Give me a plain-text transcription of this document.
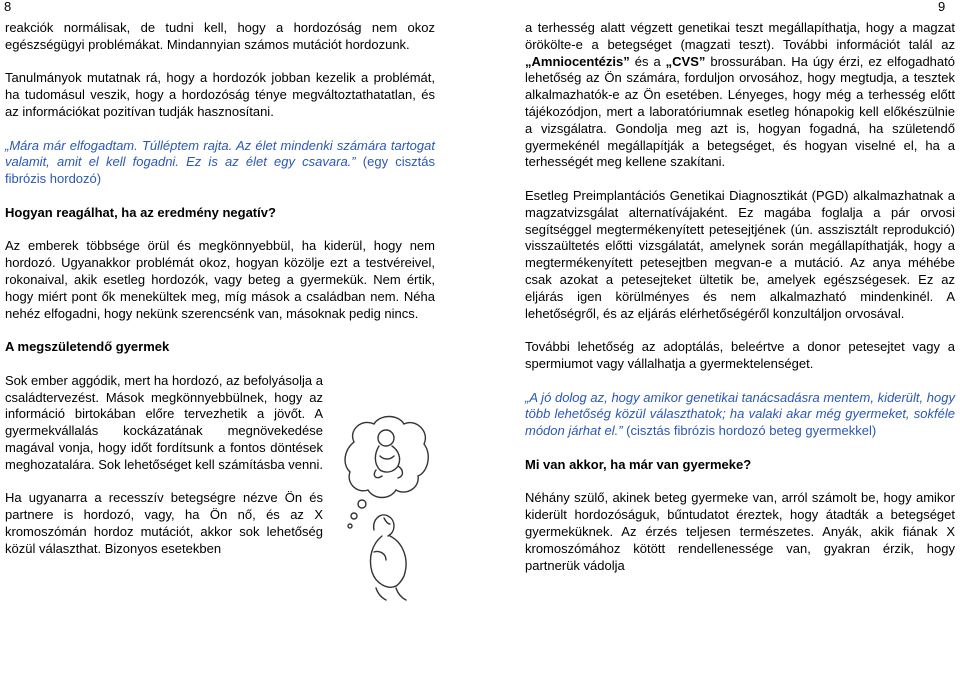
8	9

reakciók normálisak, de tudni kell, hogy a hordozóság nem okoz egészségügyi problémákat. Mindannyian számos mutációt hordozunk.

Tanulmányok mutatnak rá, hogy a hordozók jobban kezelik a problémát, ha tudomásul veszik, hogy a hordozóság ténye megváltoztathatatlan, és az információkat pozitívan tudják hasznosítani.

„Mára már elfogadtam. Túlléptem rajta. Az élet mindenki számára tartogat valamit, amit el kell fogadni. Ez is az élet egy csavara.” (egy cisztás fibrózis hordozó)

Hogyan reagálhat, ha az eredmény negatív?

Az emberek többsége örül és megkönnyebbül, ha kiderül, hogy nem hordozó. Ugyanakkor problémát okoz, hogyan közölje ezt a testvéreivel, rokonaival, akik esetleg hordozók, vagy beteg a gyermekük. Nem értik, hogy miért pont ők menekültek meg, míg mások a családban nem. Néha nehéz elfogadni, hogy nekünk szerencsénk van, másoknak pedig nincs.

A megszületendő gyermek

Sok ember aggódik, mert ha hordozó, az befolyásolja a családtervezést. Mások megkönnyebbülnek, hogy az információ birtokában előre tervezhetik a jövőt. A gyermekvállalás kockázatának megnövekedése magával vonja, hogy időt fordítsunk a fontos döntések meghozatalára. Sok lehetőséget kell számításba venni.

Ha ugyanarra a recesszív betegségre nézve Ön és partnere is hordozó, vagy, ha Ön nő, és az X kromoszómán hordoz mutációt, akkor sok lehetőség közül választhat. Bizonyos esetekben

a terhesség alatt végzett genetikai teszt megállapíthatja, hogy a magzat örökölte-e a betegséget (magzati teszt). További információt talál az „Amniocentézis” és a „CVS” brossurában. Ha úgy érzi, ez elfogadható lehetőség az Ön számára, forduljon orvosához, hogy megtudja, a tesztek alkalmazhatók-e az Ön esetében. Lényeges, hogy még a terhesség előtt tájékozódjon, mert a laboratóriumnak esetleg hónapokig kell előkészülnie a vizsgálatra. Gondolja meg azt is, hogyan fogadná, ha születendő gyermekénél megállapítják a betegséget, és hogyan viselné el, ha a terhességét meg kellene szakítani.

Esetleg Preimplantációs Genetikai Diagnosztikát (PGD) alkalmazhatnak a magzatvizsgálat alternatívájaként. Ez magába foglalja a pár orvosi segítséggel megtermékenyített petesejtjének (ún. asszisztált reprodukció) visszaültetés előtti vizsgálatát, amelynek során megállapíthatják, hogy a megtermékenyített petesejtben megvan-e a mutáció. Az anya méhébe csak azokat a petesejteket ültetik be, amelyek egészségesek. Ez az eljárás igen körülményes és nem alkalmazható mindenkinél. A lehetőségről, és az eljárás elérhetőségéről konzultáljon orvosával.

További lehetőség az adoptálás, beleértve a donor petesejtet vagy a spermiumot vagy vállalhatja a gyermektelenséget.

„A jó dolog az, hogy amikor genetikai tanácsadásra mentem, kiderült, hogy több lehetőség közül választhatok; ha valaki akar még gyermeket, sokféle módon járhat el.” (cisztás fibrózis hordozó beteg gyermekkel)

Mi van akkor, ha már van gyermeke?

Néhány szülő, akinek beteg gyermeke van, arról számolt be, hogy amikor kiderült hordozóságuk, bűntudatot éreztek, hogy átadták a betegséget gyermeküknek. Az érzés teljesen természetes. Anyák, akik fiának X kromoszómához kötött rendellenessége van, gyakran érzik, hogy partnerük vádolja
